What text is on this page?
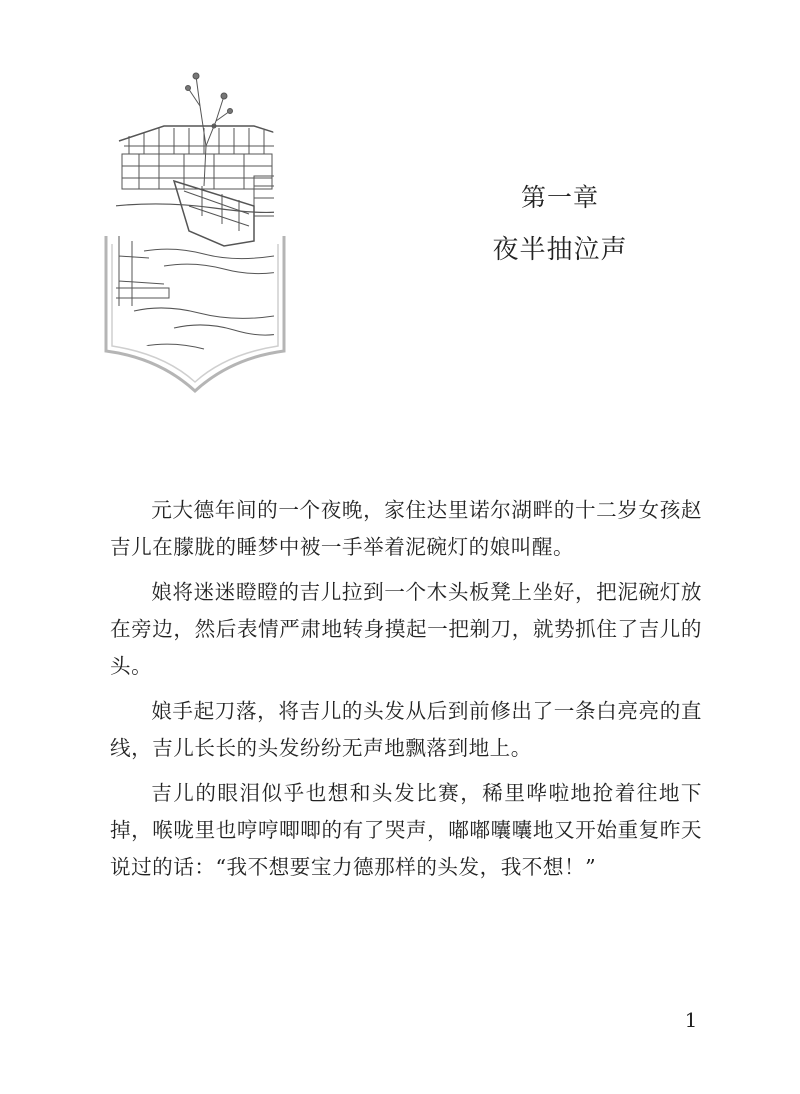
第一章
夜半抽泣声

元大德年间的一个夜晚，家住达里诺尔湖畔的十二岁女孩赵吉儿在朦胧的睡梦中被一手举着泥碗灯的娘叫醒。

娘将迷迷瞪瞪的吉儿拉到一个木头板凳上坐好，把泥碗灯放在旁边，然后表情严肃地转身摸起一把剃刀，就势抓住了吉儿的头。

娘手起刀落，将吉儿的头发从后到前修出了一条白亮亮的直线，吉儿长长的头发纷纷无声地飘落到地上。

吉儿的眼泪似乎也想和头发比赛，稀里哗啦地抢着往地下掉，喉咙里也哼哼唧唧的有了哭声，嘟嘟囔囔地又开始重复昨天说过的话：“我不想要宝力德那样的头发，我不想！”

1
